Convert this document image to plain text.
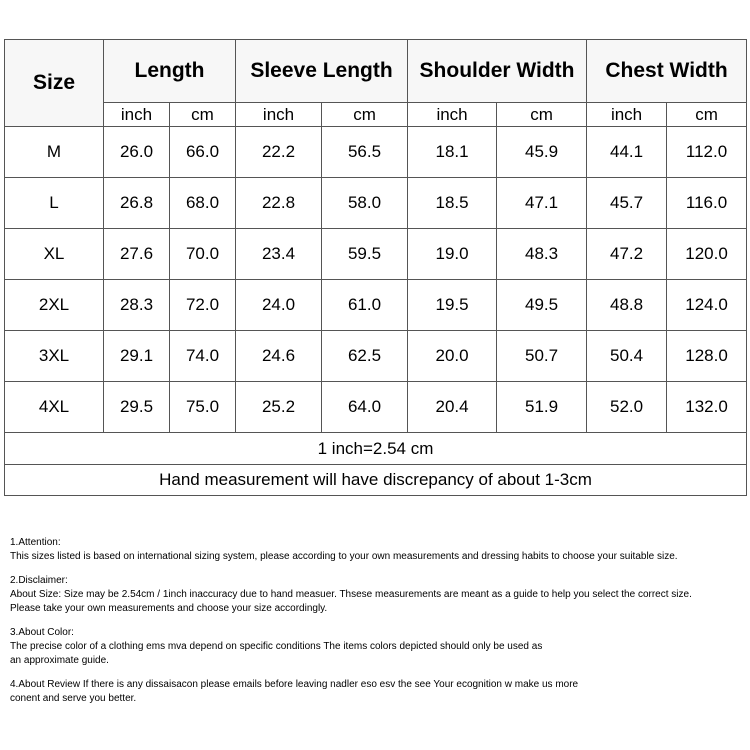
Size	Length		Sleeve Length		Shoulder Width		Chest Width	
	inch	cm	inch	cm	inch	cm	inch	cm
M	26.0	66.0	22.2	56.5	18.1	45.9	44.1	112.0
L	26.8	68.0	22.8	58.0	18.5	47.1	45.7	116.0
XL	27.6	70.0	23.4	59.5	19.0	48.3	47.2	120.0
2XL	28.3	72.0	24.0	61.0	19.5	49.5	48.8	124.0
3XL	29.1	74.0	24.6	62.5	20.0	50.7	50.4	128.0
4XL	29.5	75.0	25.2	64.0	20.4	51.9	52.0	132.0
1 inch=2.54 cm								
Hand measurement will have discrepancy of about 1-3cm								

1.Attention:

This sizes listed is based on international sizing system, please according to your own measurements and dressing habits to choose your suitable size.

2.Disclaimer:

About Size: Size may be 2.54cm / 1inch inaccuracy due to hand measuer. Thsese measurements are meant as a guide to help you select the correct size.

Please take your own measurements and choose your size accordingly.

3.About Color:

The precise color of a clothing ems mva depend on specific conditions The items colors depicted should only be used as

an approximate guide.

4.About Review If there is any dissaisacon please emails before leaving nadler eso esv the see Your ecognition w make us more

conent and serve you better.
